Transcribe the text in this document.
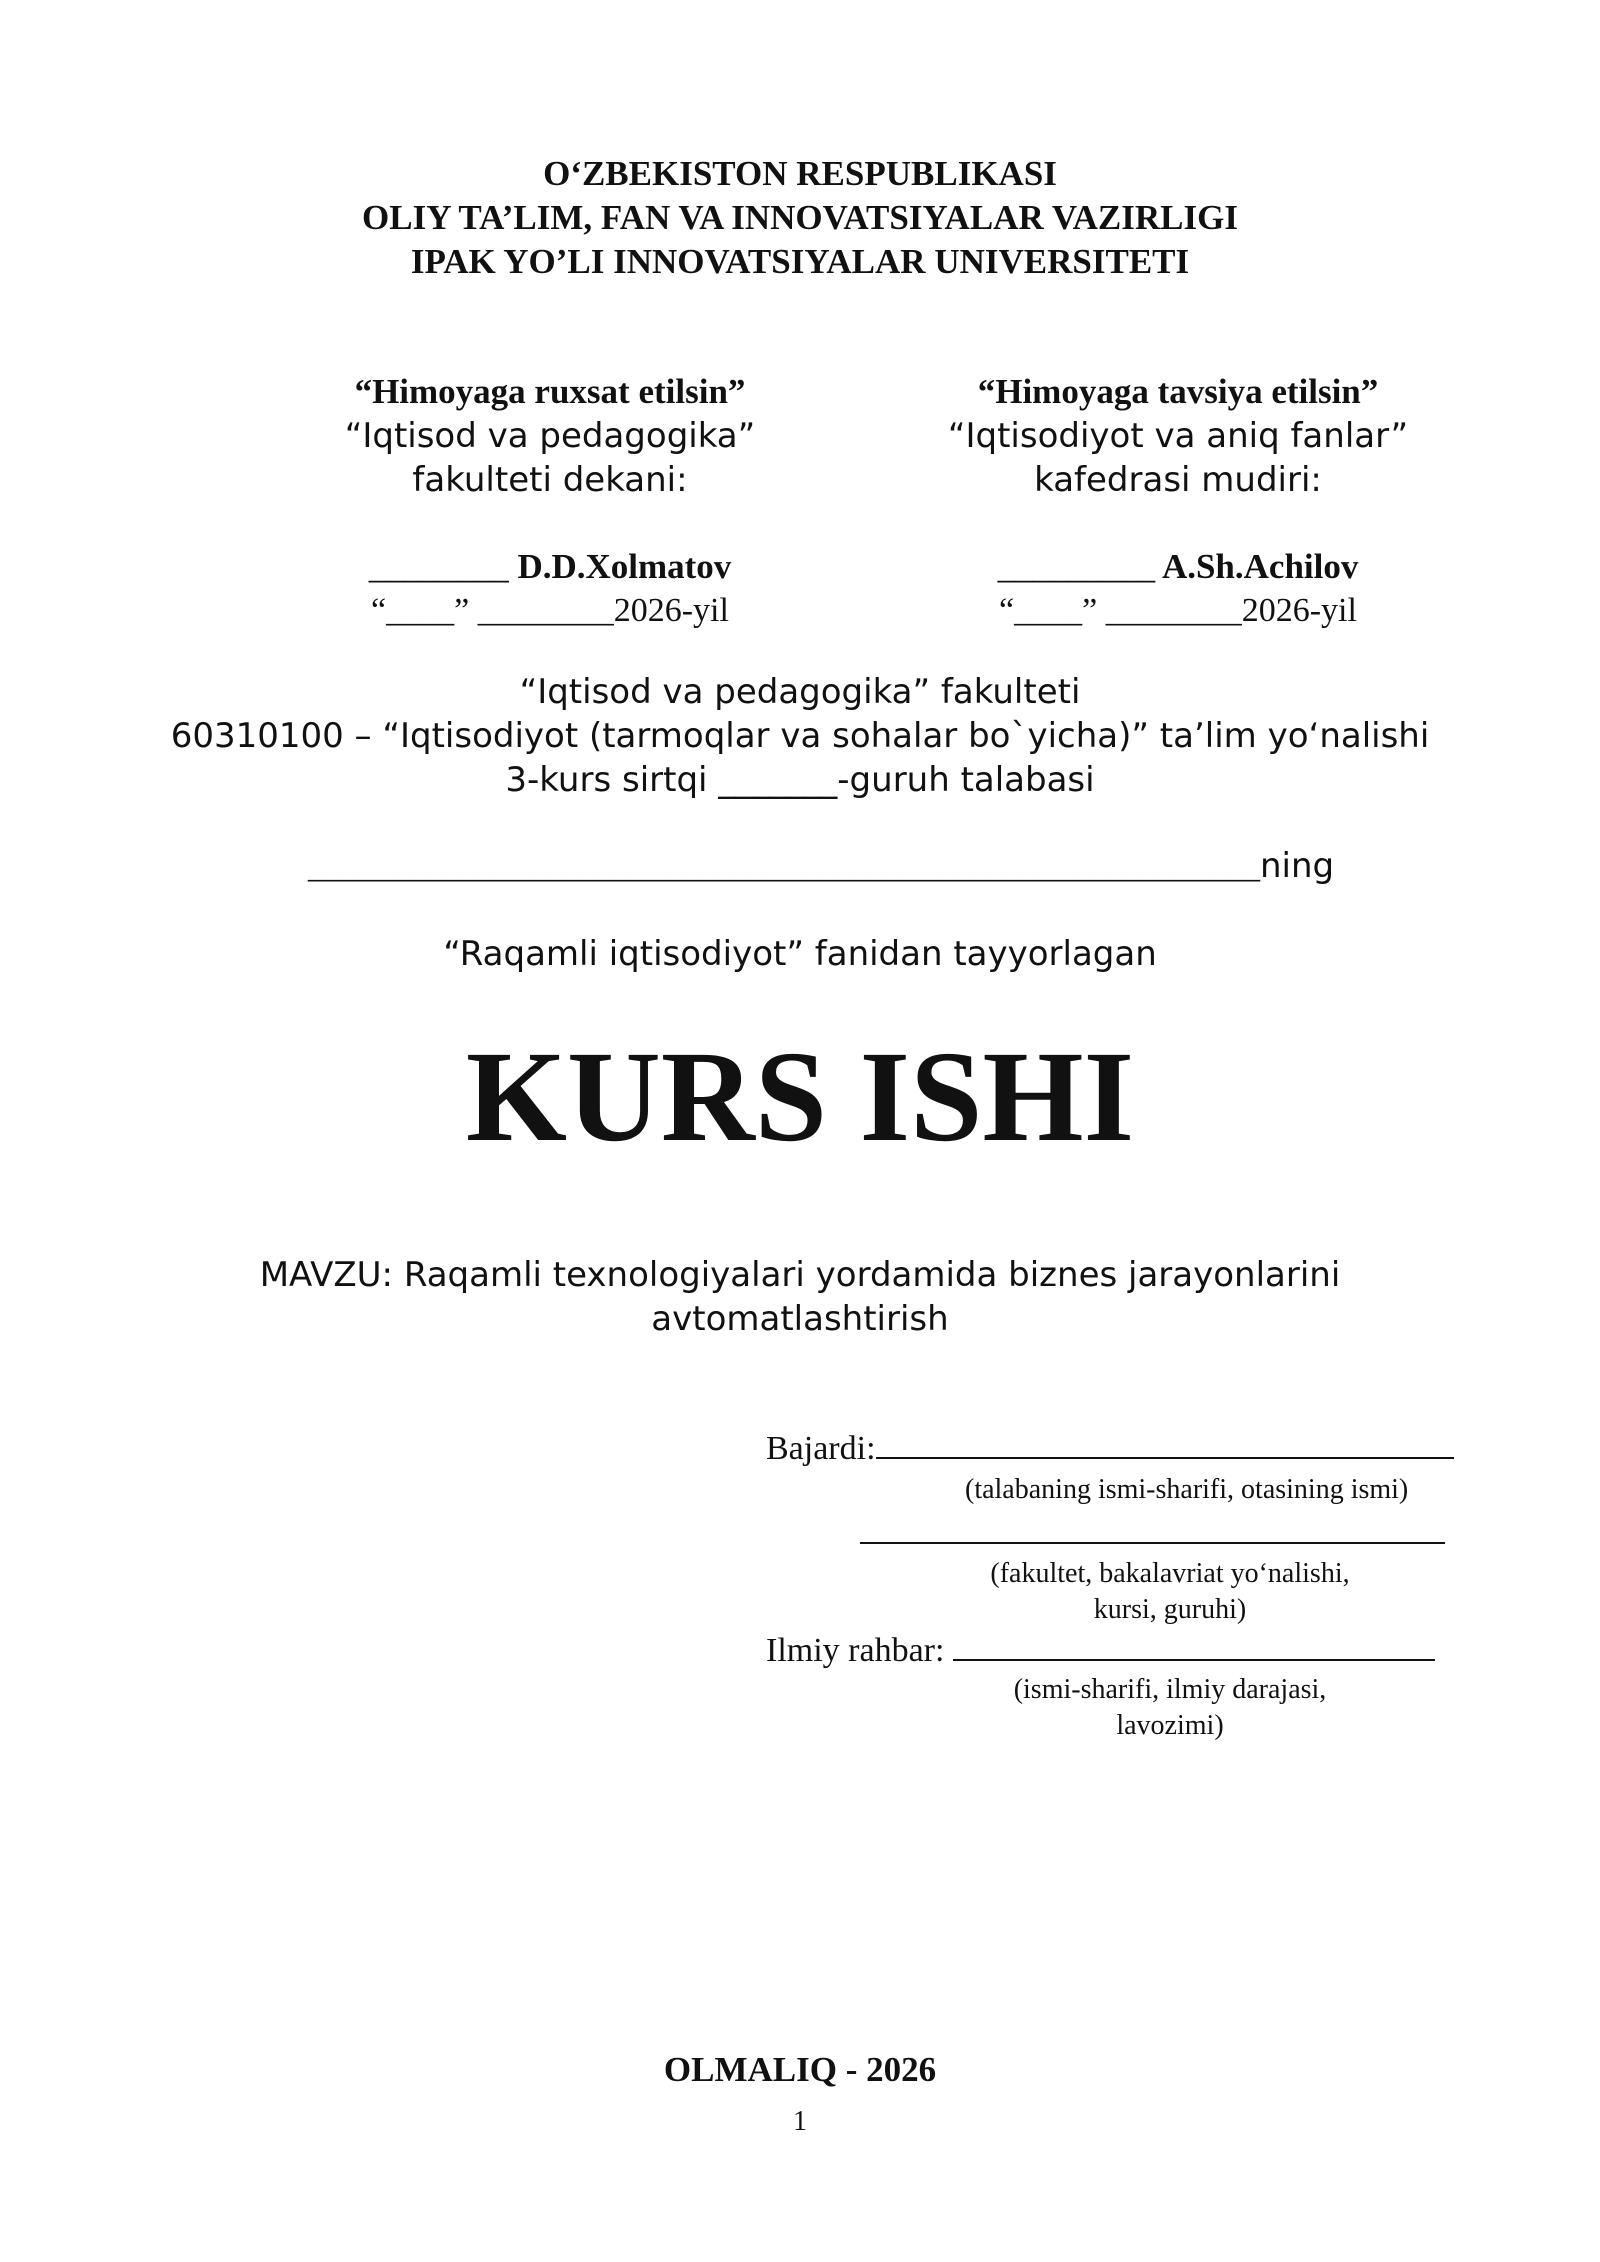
O‘ZBEKISTON RESPUBLIKASI
OLIY TA’LIM, FAN VA INNOVATSIYALAR VAZIRLIGI
IPAK YO’LI INNOVATSIYALAR UNIVERSITETI
“Himoyaga ruxsat etilsin”
“Iqtisod va pedagogika”
fakulteti dekani:
________ D.D.Xolmatov
“____” ________2026-yil
“Himoyaga tavsiya etilsin”
“Iqtisodiyot va aniq fanlar”
kafedrasi mudiri:
_________ A.Sh.Achilov
“____” ________2026-yil
“Iqtisod va pedagogika” fakulteti
60310100 – “Iqtisodiyot (tarmoqlar va sohalar bo`yicha)” ta’lim yo‘nalishi
3-kurs sirtqi _______-guruh talabasi
________________________________________________________ning
“Raqamli iqtisodiyot” fanidan tayyorlagan
KURS ISHI
MAVZU: Raqamli texnologiyalari yordamida biznes jarayonlarini
avtomatlashtirish
Bajardi:
(talabaning ismi-sharifi, otasining ismi)
(fakultet, bakalavriat yo‘nalishi,
kursi, guruhi)
Ilmiy rahbar:
(ismi-sharifi, ilmiy darajasi,
lavozimi)
OLMALIQ - 2026
1
